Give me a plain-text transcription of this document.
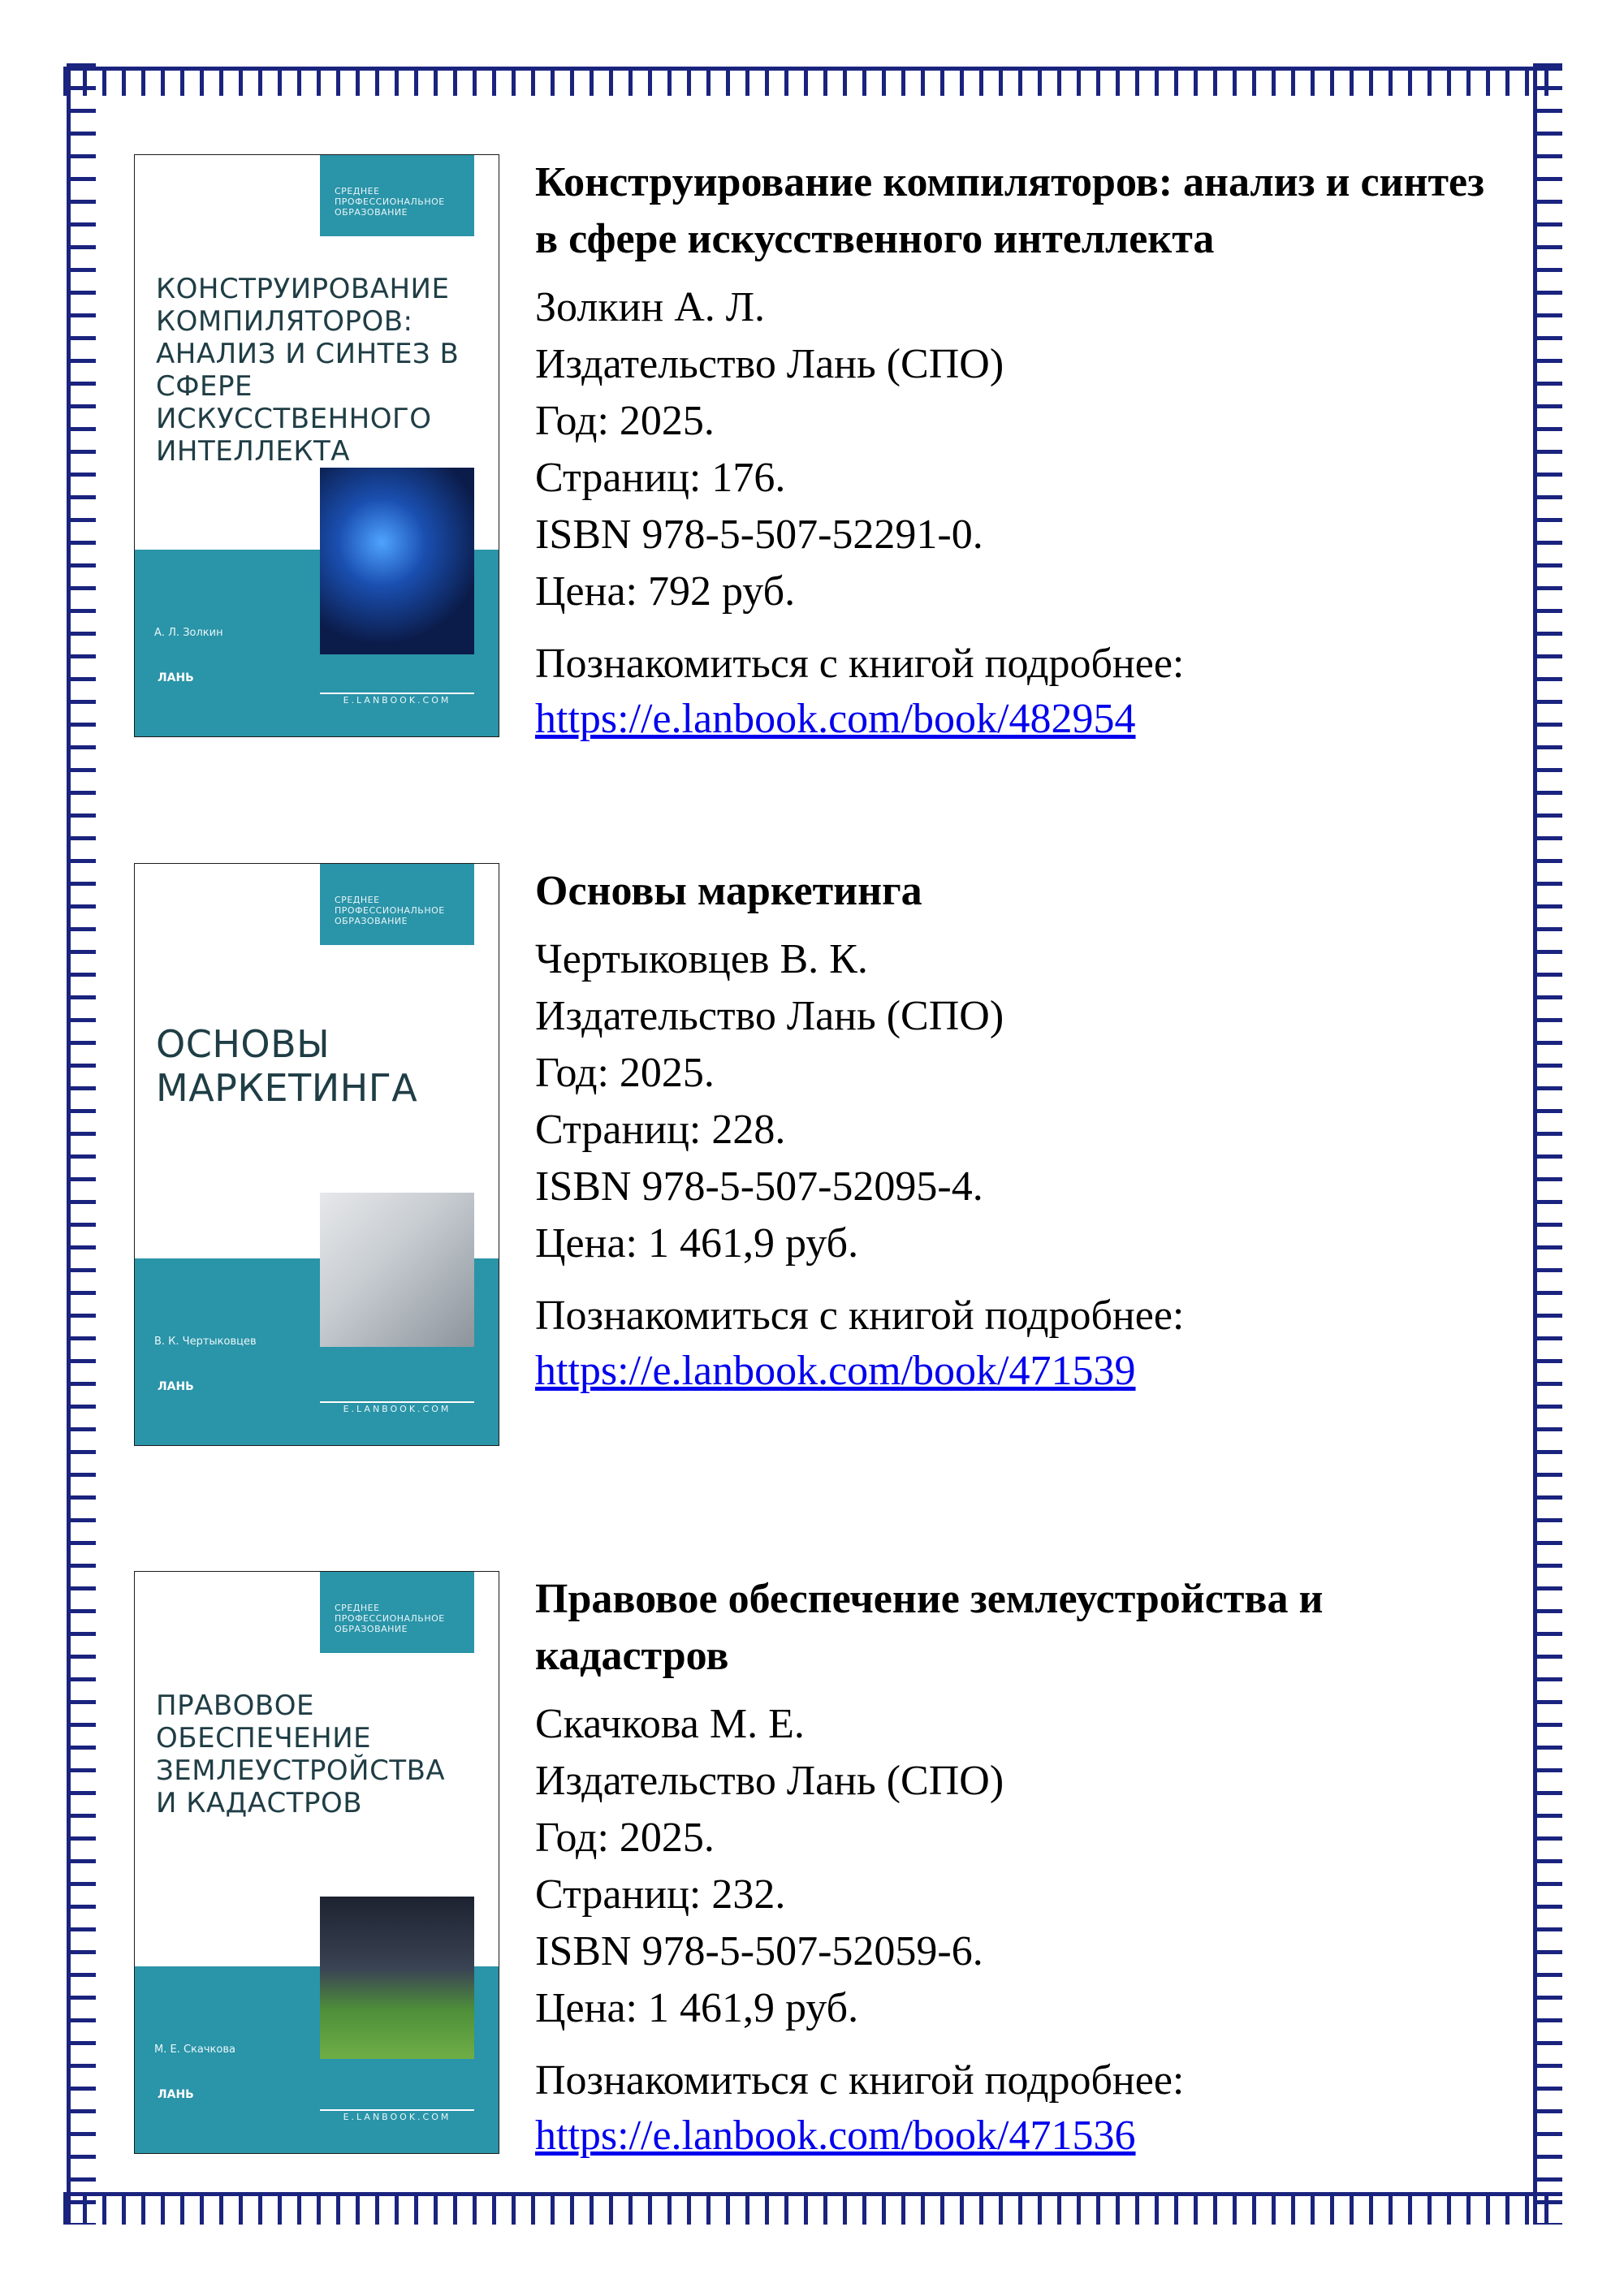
СРЕДНЕЕ ПРОФЕССИОНАЛЬНОЕ ОБРАЗОВАНИЕ
КОНСТРУИРОВАНИЕ КОМПИЛЯТОРОВ: АНАЛИЗ И СИНТЕЗ В СФЕРЕ ИСКУССТВЕННОГО ИНТЕЛЛЕКТА
А. Л. Золкин
ЛАНЬ
E.LANBOOK.COM

Конструирование компиляторов: анализ и синтез в сфере искусственного интеллекта

Золкин А. Л.
Издательство Лань (СПО)
Год: 2025.
Страниц: 176.
ISBN 978-5-507-52291-0.
Цена: 792 руб.
Познакомиться с книгой подробнее:
https://e.lanbook.com/book/482954
СРЕДНЕЕ ПРОФЕССИОНАЛЬНОЕ ОБРАЗОВАНИЕ
ОСНОВЫ МАРКЕТИНГА
В. К. Чертыковцев
ЛАНЬ
E.LANBOOK.COM

Основы маркетинга

Чертыковцев В. К.
Издательство Лань (СПО)
Год: 2025.
Страниц: 228.
ISBN 978-5-507-52095-4.
Цена: 1 461,9 руб.
Познакомиться с книгой подробнее:
https://e.lanbook.com/book/471539
СРЕДНЕЕ ПРОФЕССИОНАЛЬНОЕ ОБРАЗОВАНИЕ
ПРАВОВОЕ ОБЕСПЕЧЕНИЕ ЗЕМЛЕУСТРОЙСТВА И КАДАСТРОВ
М. Е. Скачкова
ЛАНЬ
E.LANBOOK.COM

Правовое обеспечение землеустройства и кадастров

Скачкова М. Е.
Издательство Лань (СПО)
Год: 2025.
Страниц: 232.
ISBN 978-5-507-52059-6.
Цена: 1 461,9 руб.
Познакомиться с книгой подробнее:
https://e.lanbook.com/book/471536
